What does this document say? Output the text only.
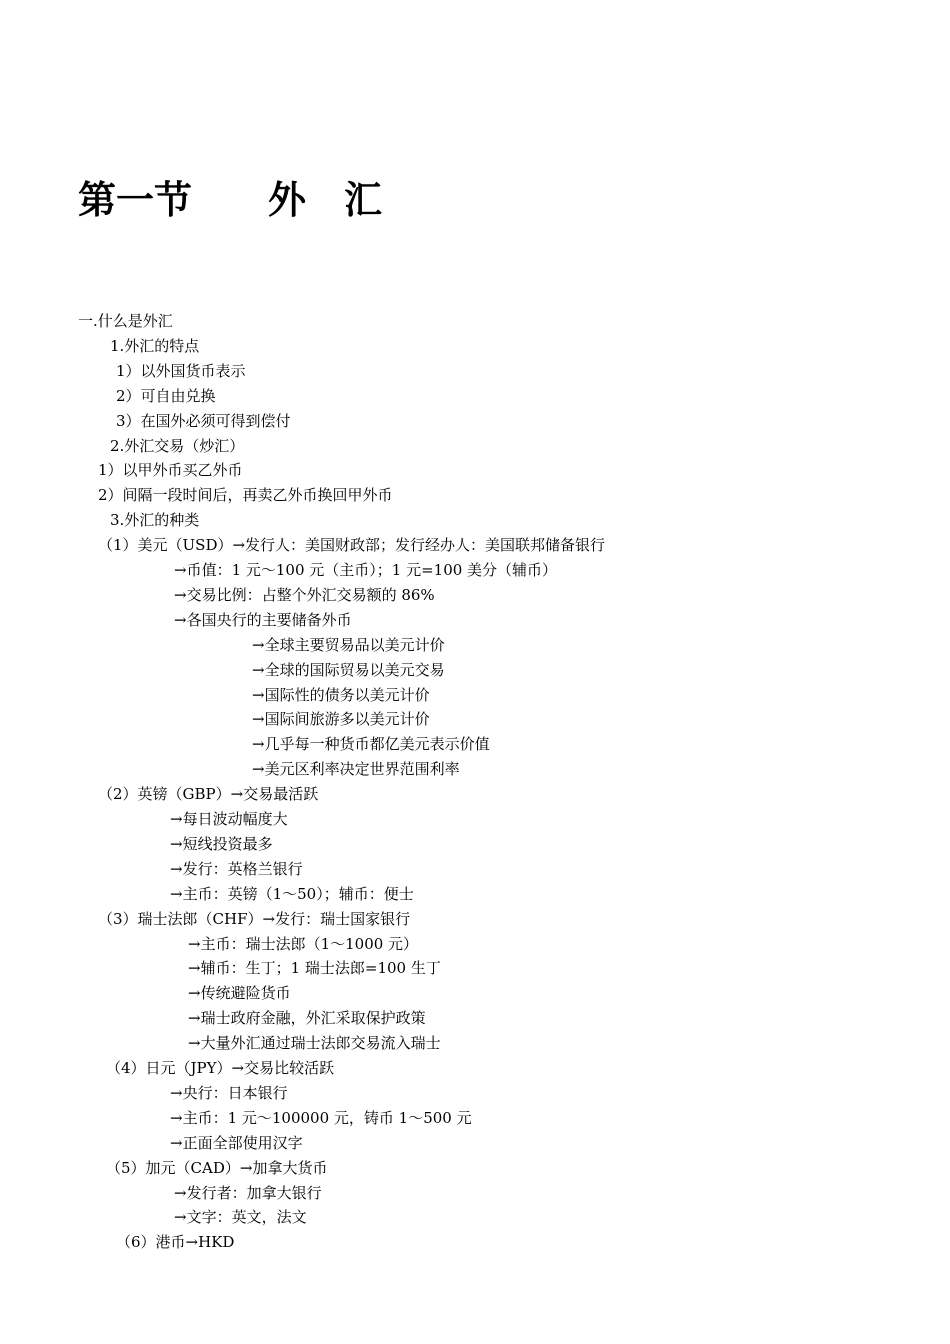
第一节　　外　汇
一.什么是外汇
1.外汇的特点
1）以外国货币表示
2）可自由兑换
3）在国外必须可得到偿付
2.外汇交易（炒汇）
1）以甲外币买乙外币
2）间隔一段时间后，再卖乙外币换回甲外币
3.外汇的种类
（1）美元（USD）→发行人：美国财政部；发行经办人：美国联邦储备银行
→币值：1 元～100 元（主币）；1 元=100 美分（辅币）
→交易比例：占整个外汇交易额的 86%
→各国央行的主要储备外币
→全球主要贸易品以美元计价
→全球的国际贸易以美元交易
→国际性的债务以美元计价
→国际间旅游多以美元计价
→几乎每一种货币都亿美元表示价值
→美元区利率决定世界范围利率
（2）英镑（GBP）→交易最活跃
→每日波动幅度大
→短线投资最多
→发行：英格兰银行
→主币：英镑（1～50）；辅币：便士
（3）瑞士法郎（CHF）→发行：瑞士国家银行
→主币：瑞士法郎（1～1000 元）
→辅币：生丁；1 瑞士法郎=100 生丁
→传统避险货币
→瑞士政府金融，外汇采取保护政策
→大量外汇通过瑞士法郎交易流入瑞士
（4）日元（JPY）→交易比较活跃
→央行：日本银行
→主币：1 元～100000 元，铸币 1～500 元
→正面全部使用汉字
（5）加元（CAD）→加拿大货币
→发行者：加拿大银行
→文字：英文，法文
（6）港币→HKD
